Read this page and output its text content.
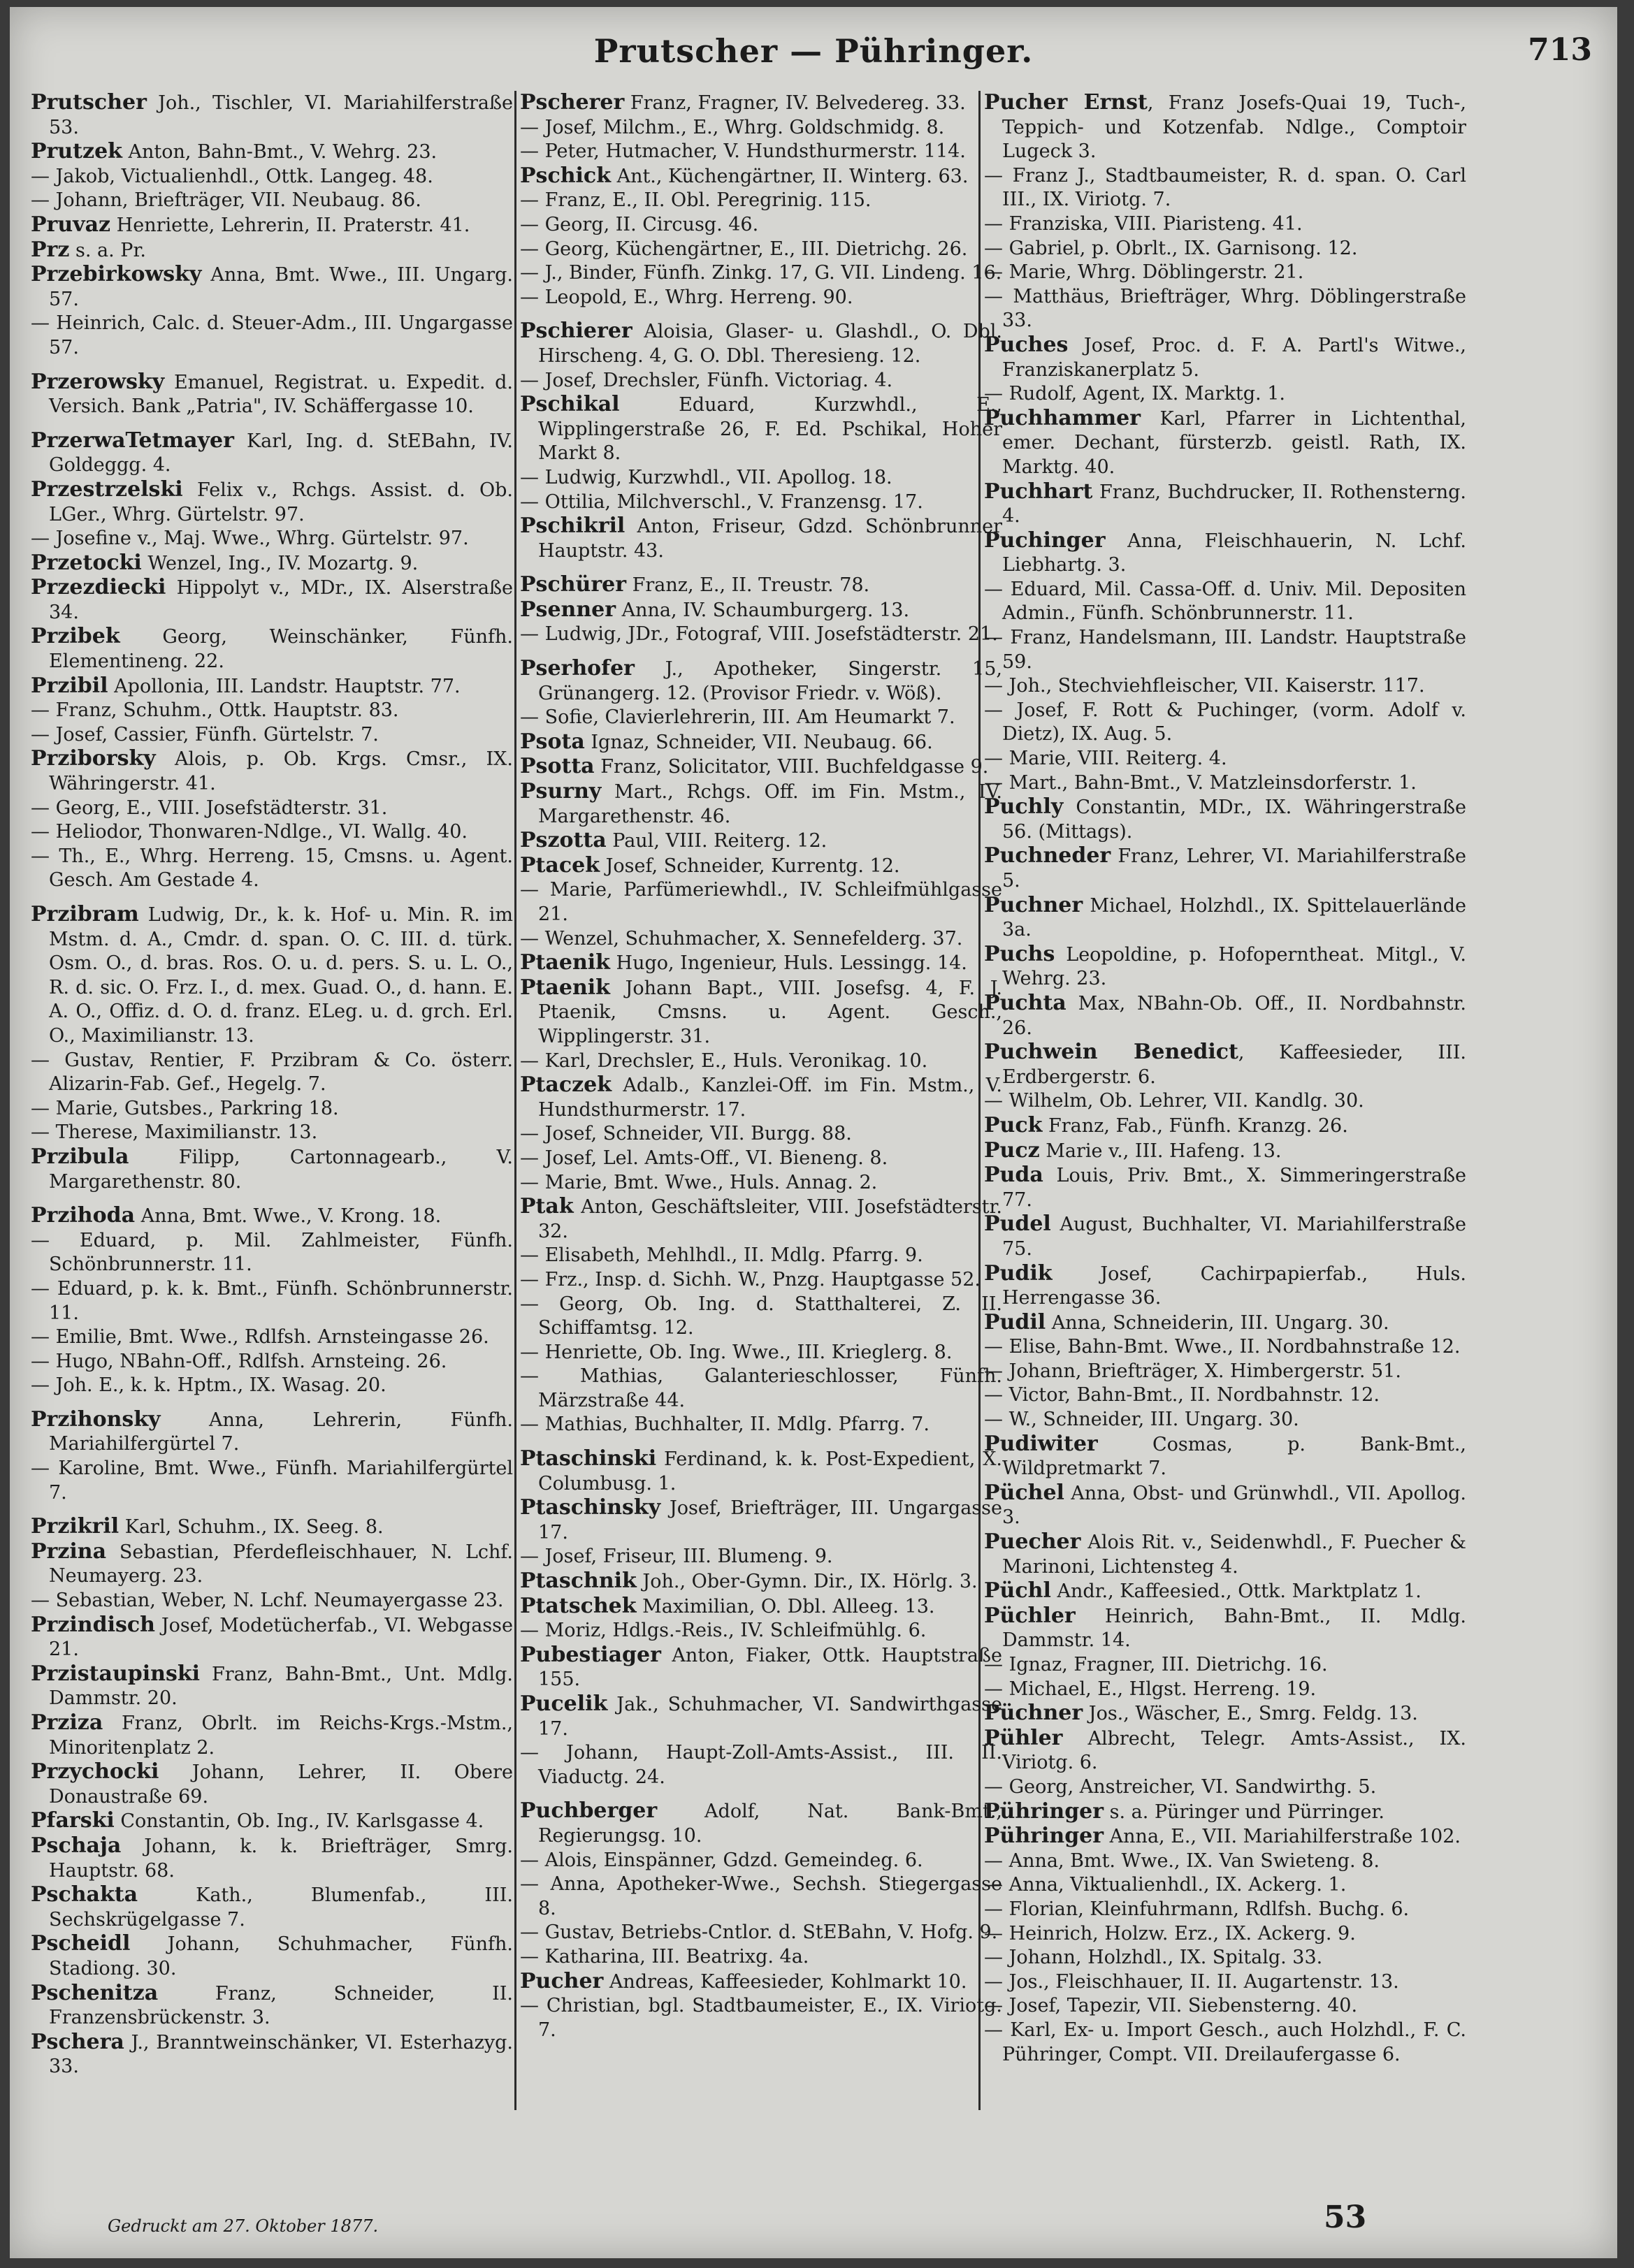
Prutscher — Pühringer.	713

Prutscher Joh., Tischler, VI. Mariahilferstraße 53.

Prutzek Anton, Bahn-Bmt., V. Wehrg. 23.

— Jakob, Victualienhdl., Ottk. Langeg. 48.

— Johann, Briefträger, VII. Neubaug. 86.

Pruvaz Henriette, Lehrerin, II. Praterstr. 41.

Prz s. a. Pr.

Przebirkowsky Anna, Bmt. Wwe., III. Ungarg. 57.

— Heinrich, Calc. d. Steuer-Adm., III. Ungargasse 57.

Przerowsky Emanuel, Registrat. u. Expedit. d. Versich. Bank „Patria", IV. Schäffergasse 10.

PrzerwaTetmayer Karl, Ing. d. StEBahn, IV. Goldeggg. 4.

Przestrzelski Felix v., Rchgs. Assist. d. Ob. LGer., Whrg. Gürtelstr. 97.

— Josefine v., Maj. Wwe., Whrg. Gürtelstr. 97.

Przetocki Wenzel, Ing., IV. Mozartg. 9.

Przezdiecki Hippolyt v., MDr., IX. Alserstraße 34.

Przibek Georg, Weinschänker, Fünfh. Elementineng. 22.

Przibil Apollonia, III. Landstr. Hauptstr. 77.

— Franz, Schuhm., Ottk. Hauptstr. 83.

— Josef, Cassier, Fünfh. Gürtelstr. 7.

Prziborsky Alois, p. Ob. Krgs. Cmsr., IX. Währingerstr. 41.

— Georg, E., VIII. Josefstädterstr. 31.

— Heliodor, Thonwaren-Ndlge., VI. Wallg. 40.

— Th., E., Whrg. Herreng. 15, Cmsns. u. Agent. Gesch. Am Gestade 4.

Przibram Ludwig, Dr., k. k. Hof- u. Min. R. im Mstm. d. A., Cmdr. d. span. O. C. III. d. türk. Osm. O., d. bras. Ros. O. u. d. pers. S. u. L. O., R. d. sic. O. Frz. I., d. mex. Guad. O., d. hann. E. A. O., Offiz. d. O. d. franz. ELeg. u. d. grch. Erl. O., Maximilianstr. 13.

— Gustav, Rentier, F. Przibram & Co. österr. Alizarin-Fab. Gef., Hegelg. 7.

— Marie, Gutsbes., Parkring 18.

— Therese, Maximilianstr. 13.

Przibula Filipp, Cartonnagearb., V. Margarethenstr. 80.

Przihoda Anna, Bmt. Wwe., V. Krong. 18.

— Eduard, p. Mil. Zahlmeister, Fünfh. Schönbrunnerstr. 11.

— Eduard, p. k. k. Bmt., Fünfh. Schönbrunnerstr. 11.

— Emilie, Bmt. Wwe., Rdlfsh. Arnsteingasse 26.

— Hugo, NBahn-Off., Rdlfsh. Arnsteing. 26.

— Joh. E., k. k. Hptm., IX. Wasag. 20.

Przihonsky Anna, Lehrerin, Fünfh. Mariahilfergürtel 7.

— Karoline, Bmt. Wwe., Fünfh. Mariahilfergürtel 7.

Przikril Karl, Schuhm., IX. Seeg. 8.

Przina Sebastian, Pferdefleischhauer, N. Lchf. Neumayerg. 23.

— Sebastian, Weber, N. Lchf. Neumayergasse 23.

Przindisch Josef, Modetücherfab., VI. Webgasse 21.

Przistaupinski Franz, Bahn-Bmt., Unt. Mdlg. Dammstr. 20.

Prziza Franz, Obrlt. im Reichs-Krgs.-Mstm., Minoritenplatz 2.

Przychocki Johann, Lehrer, II. Obere Donaustraße 69.

Pfarski Constantin, Ob. Ing., IV. Karlsgasse 4.

Pschaja Johann, k. k. Briefträger, Smrg. Hauptstr. 68.

Pschakta Kath., Blumenfab., III. Sechskrügelgasse 7.

Pscheidl Johann, Schuhmacher, Fünfh. Stadiong. 30.

Pschenitza Franz, Schneider, II. Franzensbrückenstr. 3.

Pschera J., Branntweinschänker, VI. Esterhazyg. 33.

Pscherer Franz, Fragner, IV. Belvedereg. 33.

— Josef, Milchm., E., Whrg. Goldschmidg. 8.

— Peter, Hutmacher, V. Hundsthurmerstr. 114.

Pschick Ant., Küchengärtner, II. Winterg. 63.

— Franz, E., II. Obl. Peregrinig. 115.

— Georg, II. Circusg. 46.

— Georg, Küchengärtner, E., III. Dietrichg. 26.

— J., Binder, Fünfh. Zinkg. 17, G. VII. Lindeng. 16.

— Leopold, E., Whrg. Herreng. 90.

Pschierer Aloisia, Glaser- u. Glashdl., O. Dbl. Hirscheng. 4, G. O. Dbl. Theresieng. 12.

— Josef, Drechsler, Fünfh. Victoriag. 4.

Pschikal Eduard, Kurzwhdl., E., Wipplingerstraße 26, F. Ed. Pschikal, Hoher Markt 8.

— Ludwig, Kurzwhdl., VII. Apollog. 18.

— Ottilia, Milchverschl., V. Franzensg. 17.

Pschikril Anton, Friseur, Gdzd. Schönbrunner Hauptstr. 43.

Pschürer Franz, E., II. Treustr. 78.

Psenner Anna, IV. Schaumburgerg. 13.

— Ludwig, JDr., Fotograf, VIII. Josefstädterstr. 21.

Pserhofer J., Apotheker, Singerstr. 15, Grünangerg. 12. (Provisor Friedr. v. Wöß).

— Sofie, Clavierlehrerin, III. Am Heumarkt 7.

Psota Ignaz, Schneider, VII. Neubaug. 66.

Psotta Franz, Solicitator, VIII. Buchfeldgasse 9.

Psurny Mart., Rchgs. Off. im Fin. Mstm., IV. Margarethenstr. 46.

Pszotta Paul, VIII. Reiterg. 12.

Ptacek Josef, Schneider, Kurrentg. 12.

— Marie, Parfümeriewhdl., IV. Schleifmühlgasse 21.

— Wenzel, Schuhmacher, X. Sennefelderg. 37.

Ptaenik Hugo, Ingenieur, Huls. Lessingg. 14.

Ptaenik Johann Bapt., VIII. Josefsg. 4, F. J. Ptaenik, Cmsns. u. Agent. Gesch., Wipplingerstr. 31.

— Karl, Drechsler, E., Huls. Veronikag. 10.

Ptaczek Adalb., Kanzlei-Off. im Fin. Mstm., V. Hundsthurmerstr. 17.

— Josef, Schneider, VII. Burgg. 88.

— Josef, Lel. Amts-Off., VI. Bieneng. 8.

— Marie, Bmt. Wwe., Huls. Annag. 2.

Ptak Anton, Geschäftsleiter, VIII. Josefstädterstr. 32.

— Elisabeth, Mehlhdl., II. Mdlg. Pfarrg. 9.

— Frz., Insp. d. Sichh. W., Pnzg. Hauptgasse 52.

— Georg, Ob. Ing. d. Statthalterei, Z. II. Schiffamtsg. 12.

— Henriette, Ob. Ing. Wwe., III. Krieglerg. 8.

— Mathias, Galanterieschlosser, Fünfh. Märzstraße 44.

— Mathias, Buchhalter, II. Mdlg. Pfarrg. 7.

Ptaschinski Ferdinand, k. k. Post-Expedient, X. Columbusg. 1.

Ptaschinsky Josef, Briefträger, III. Ungargasse 17.

— Josef, Friseur, III. Blumeng. 9.

Ptaschnik Joh., Ober-Gymn. Dir., IX. Hörlg. 3.

Ptatschek Maximilian, O. Dbl. Alleeg. 13.

— Moriz, Hdlgs.-Reis., IV. Schleifmühlg. 6.

Pubestiager Anton, Fiaker, Ottk. Hauptstraße 155.

Pucelik Jak., Schuhmacher, VI. Sandwirthgasse 17.

— Johann, Haupt-Zoll-Amts-Assist., III. II. Viaductg. 24.

Puchberger Adolf, Nat. Bank-Bmt., Regierungsg. 10.

— Alois, Einspänner, Gdzd. Gemeindeg. 6.

— Anna, Apotheker-Wwe., Sechsh. Stiegergasse 8.

— Gustav, Betriebs-Cntlor. d. StEBahn, V. Hofg. 9.

— Katharina, III. Beatrixg. 4a.

Pucher Andreas, Kaffeesieder, Kohlmarkt 10.

— Christian, bgl. Stadtbaumeister, E., IX. Viriotg. 7.

Pucher Ernst, Franz Josefs-Quai 19, Tuch-, Teppich- und Kotzenfab. Ndlge., Comptoir Lugeck 3.

— Franz J., Stadtbaumeister, R. d. span. O. Carl III., IX. Viriotg. 7.

— Franziska, VIII. Piaristeng. 41.

— Gabriel, p. Obrlt., IX. Garnisong. 12.

— Marie, Whrg. Döblingerstr. 21.

— Matthäus, Briefträger, Whrg. Döblingerstraße 33.

Puches Josef, Proc. d. F. A. Partl's Witwe., Franziskanerplatz 5.

— Rudolf, Agent, IX. Marktg. 1.

Puchhammer Karl, Pfarrer in Lichtenthal, emer. Dechant, fürsterzb. geistl. Rath, IX. Marktg. 40.

Puchhart Franz, Buchdrucker, II. Rothensterng. 4.

Puchinger Anna, Fleischhauerin, N. Lchf. Liebhartg. 3.

— Eduard, Mil. Cassa-Off. d. Univ. Mil. Depositen Admin., Fünfh. Schönbrunnerstr. 11.

— Franz, Handelsmann, III. Landstr. Hauptstraße 59.

— Joh., Stechviehfleischer, VII. Kaiserstr. 117.

— Josef, F. Rott & Puchinger, (vorm. Adolf v. Dietz), IX. Aug. 5.

— Marie, VIII. Reiterg. 4.

— Mart., Bahn-Bmt., V. Matzleinsdorferstr. 1.

Puchly Constantin, MDr., IX. Währingerstraße 56. (Mittags).

Puchneder Franz, Lehrer, VI. Mariahilferstraße 5.

Puchner Michael, Holzhdl., IX. Spittelauerlände 3a.

Puchs Leopoldine, p. Hofoperntheat. Mitgl., V. Wehrg. 23.

Puchta Max, NBahn-Ob. Off., II. Nordbahnstr. 26.

Puchwein Benedict, Kaffeesieder, III. Erdbergerstr. 6.

— Wilhelm, Ob. Lehrer, VII. Kandlg. 30.

Puck Franz, Fab., Fünfh. Kranzg. 26.

Pucz Marie v., III. Hafeng. 13.

Puda Louis, Priv. Bmt., X. Simmeringerstraße 77.

Pudel August, Buchhalter, VI. Mariahilferstraße 75.

Pudik Josef, Cachirpapierfab., Huls. Herrengasse 36.

Pudil Anna, Schneiderin, III. Ungarg. 30.

— Elise, Bahn-Bmt. Wwe., II. Nordbahnstraße 12.

— Johann, Briefträger, X. Himbergerstr. 51.

— Victor, Bahn-Bmt., II. Nordbahnstr. 12.

— W., Schneider, III. Ungarg. 30.

Pudiwiter Cosmas, p. Bank-Bmt., Wildpretmarkt 7.

Püchel Anna, Obst- und Grünwhdl., VII. Apollog. 3.

Puecher Alois Rit. v., Seidenwhdl., F. Puecher & Marinoni, Lichtensteg 4.

Püchl Andr., Kaffeesied., Ottk. Marktplatz 1.

Püchler Heinrich, Bahn-Bmt., II. Mdlg. Dammstr. 14.

— Ignaz, Fragner, III. Dietrichg. 16.

— Michael, E., Hlgst. Herreng. 19.

Püchner Jos., Wäscher, E., Smrg. Feldg. 13.

Pühler Albrecht, Telegr. Amts-Assist., IX. Viriotg. 6.

— Georg, Anstreicher, VI. Sandwirthg. 5.

Pühringer s. a. Püringer und Pürringer.

Pühringer Anna, E., VII. Mariahilferstraße 102.

— Anna, Bmt. Wwe., IX. Van Swieteng. 8.

— Anna, Viktualienhdl., IX. Ackerg. 1.

— Florian, Kleinfuhrmann, Rdlfsh. Buchg. 6.

— Heinrich, Holzw. Erz., IX. Ackerg. 9.

— Johann, Holzhdl., IX. Spitalg. 33.

— Jos., Fleischhauer, II. II. Augartenstr. 13.

— Josef, Tapezir, VII. Siebensterng. 40.

— Karl, Ex- u. Import Gesch., auch Holzhdl., F. C. Pühringer, Compt. VII. Dreilaufergasse 6.

Gedruckt am 27. Oktober 1877.	53
